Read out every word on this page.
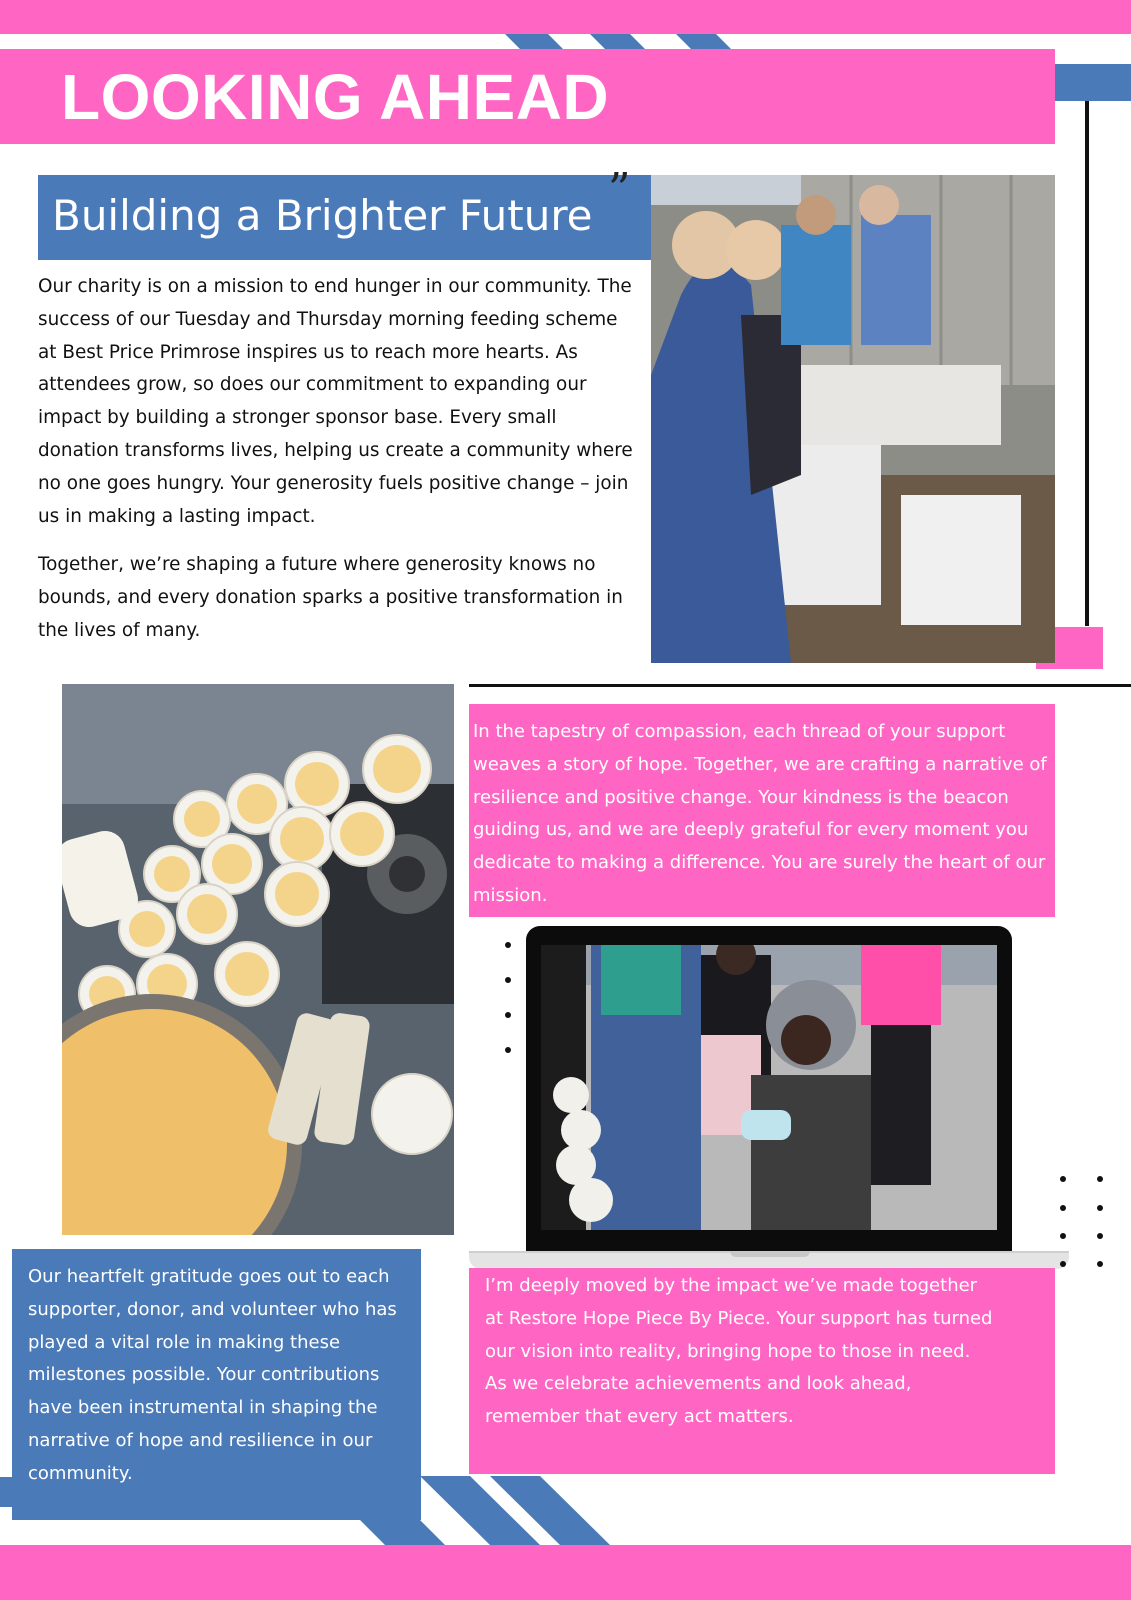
LOOKING AHEAD
Building a Brighter Future
”

Our charity is on a mission to end hunger in our community. The success of our Tuesday and Thursday morning feeding scheme at Best Price Primrose inspires us to reach more hearts. As attendees grow, so does our commitment to expanding our impact by building a stronger sponsor base. Every small donation transforms lives, helping us create a community where no one goes hungry. Your generosity fuels positive change – join us in making a lasting impact.

Together, we’re shaping a future where generosity knows no bounds, and every donation sparks a positive transformation in the lives of many.

In the tapestry of compassion, each thread of your support weaves a story of hope. Together, we are crafting a narrative of resilience and positive change. Your kindness is the beacon guiding us, and we are deeply grateful for every moment you dedicate to making a difference. You are surely the heart of our mission.

Our heartfelt gratitude goes out to each supporter, donor, and volunteer who has played a vital role in making these milestones possible. Your contributions have been instrumental in shaping the narrative of hope and resilience in our community.

I’m deeply moved by the impact we’ve made together at Restore Hope Piece By Piece. Your support has turned our vision into reality, bringing hope to those in need. As we celebrate achievements and look ahead, remember that every act matters.
